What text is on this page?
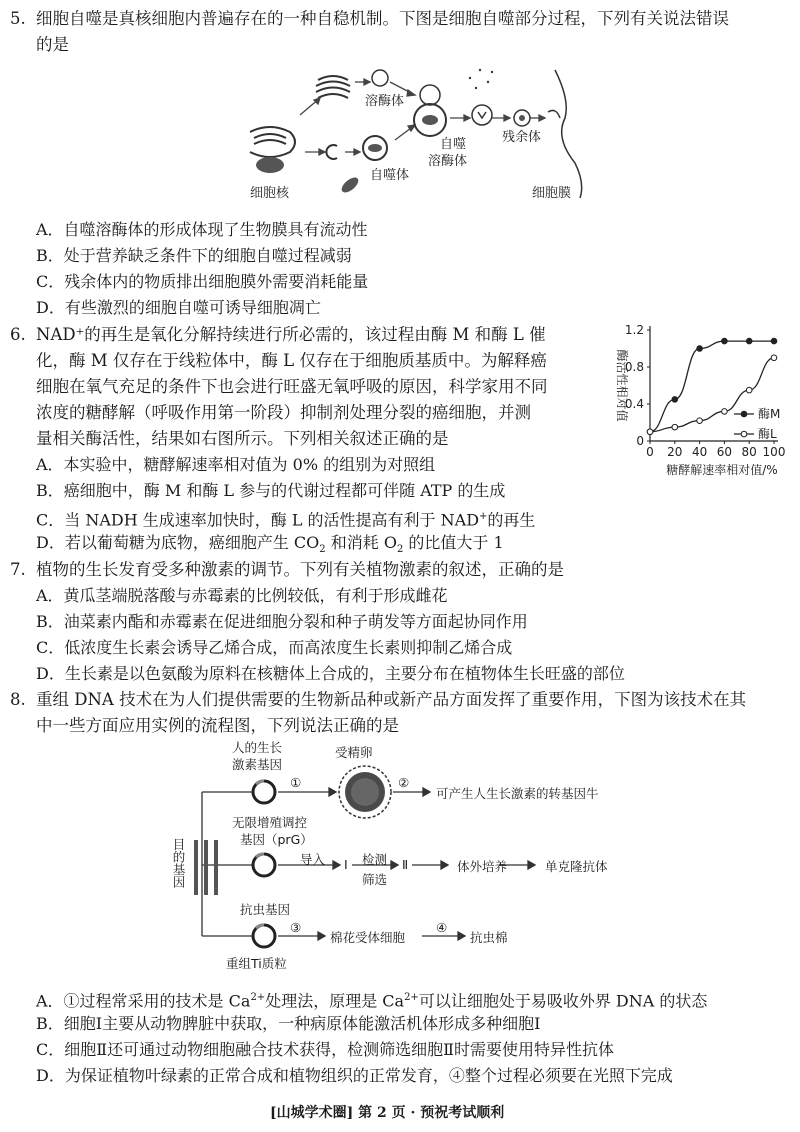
5. 细胞自噬是真核细胞内普遍存在的一种自稳机制。下图是细胞自噬部分过程，下列有关说法错误
的是
溶酶体
自噬
溶酶体
残余体
细胞核
自噬体
细胞膜
A．自噬溶酶体的形成体现了生物膜具有流动性
B．处于营养缺乏条件下的细胞自噬过程减弱
C．残余体内的物质排出细胞膜外需要消耗能量
D．有些激烈的细胞自噬可诱导细胞凋亡
6. NAD⁺的再生是氧化分解持续进行所必需的，该过程由酶 M 和酶 L 催
化，酶 M 仅存在于线粒体中，酶 L 仅存在于细胞质基质中。为解释癌
细胞在氧气充足的条件下也会进行旺盛无氧呼吸的原因，科学家用不同
浓度的糖酵解（呼吸作用第一阶段）抑制剂处理分裂的癌细胞，并测
量相关酶活性，结果如右图所示。下列相关叙述正确的是
0 20 40 60 80 100
0
0.4
0.8
1.2
糖酵解速率相对值/%
酶活性相对值	酶M
酶L
A．本实验中，糖酵解速率相对值为 0% 的组别为对照组
B．癌细胞中，酶 M 和酶 L 参与的代谢过程都可伴随 ATP 的生成
C．当 NADH 生成速率加快时，酶 L 的活性提高有利于 NAD+的再生
D．若以葡萄糖为底物，癌细胞产生 $CO_2$ 和消耗 $O_2$ 的比值大于 1
7. 植物的生长发育受多种激素的调节。下列有关植物激素的叙述，正确的是
A．黄瓜茎端脱落酸与赤霉素的比例较低，有利于形成雌花
B．油菜素内酯和赤霉素在促进细胞分裂和种子萌发等方面起协同作用
C．低浓度生长素会诱导乙烯合成，而高浓度生长素则抑制乙烯合成
D．生长素是以色氨酸为原料在核糖体上合成的，主要分布在植物体生长旺盛的部位
8. 重组 DNA 技术在为人们提供需要的生物新品种或新产品方面发挥了重要作用，下图为该技术在其
中一些方面应用实例的流程图，下列说法正确的是
目的基因
人的生长
激素基因
①
受精卵
②
可产生人生长激素的转基因牛
无限增殖调控
基因（prG）
导入 Ⅰ 检测
筛选
Ⅱ	体外培养	单克隆抗体
抗虫基因
③
棉花受体细胞
④
抗虫棉
重组Ti质粒
A．①过程常采用的技术是 $Ca^{2+}$处理法，原理是 $Ca^{2+}$可以让细胞处于易吸收外界 DNA 的状态
B．细胞Ⅰ主要从动物脾脏中获取，一种病原体能激活机体形成多种细胞Ⅰ
C．细胞Ⅱ还可通过动物细胞融合技术获得，检测筛选细胞Ⅱ时需要使用特异性抗体
D．为保证植物叶绿素的正常合成和植物组织的正常发育，④整个过程必须要在光照下完成
[山城学术圈] 第 2 页 · 预祝考试顺利
